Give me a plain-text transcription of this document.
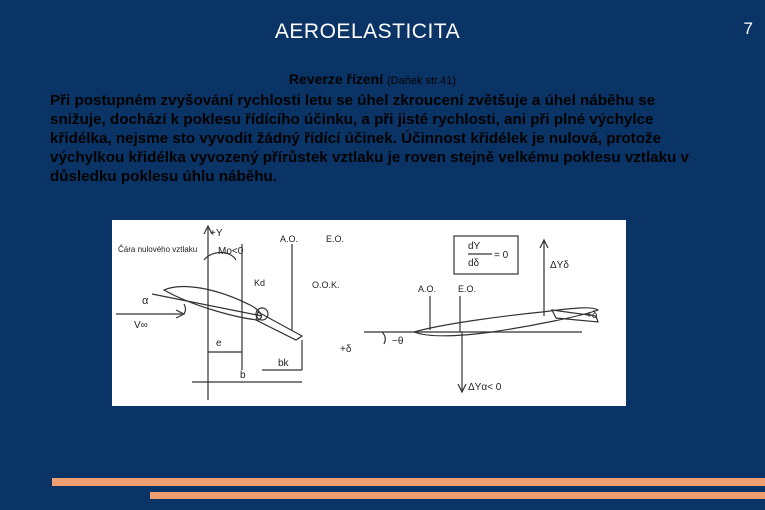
AEROELASTICITA	7
Reverze řízení (Daňek str.41)
Při postupném zvyšování rychlosti letu se úhel zkroucení zvětšuje a úhel náběhu se snižuje, dochází k poklesu řídícího účinku, a při jisté rychlosti, ani při plné výchylce křidélka, nejsme sto vyvodit žádný řídící účinek. Účinnost křidélek je nulová, protože výchylkou křidélka vyvozený přírůstek vztlaku je roven stejně velkému poklesu vztlaku v důsledku poklesu úhlu náběhu.
+Y
Čára nulového vztlaku Mo<0
A.O.	E.O.
Kd
α
V∞
O.O.K.
e
bk
b
+δ
dY
dδ
= 0
A.O. E.O.
ΔYδ
−θ
+δ
ΔYα< 0
